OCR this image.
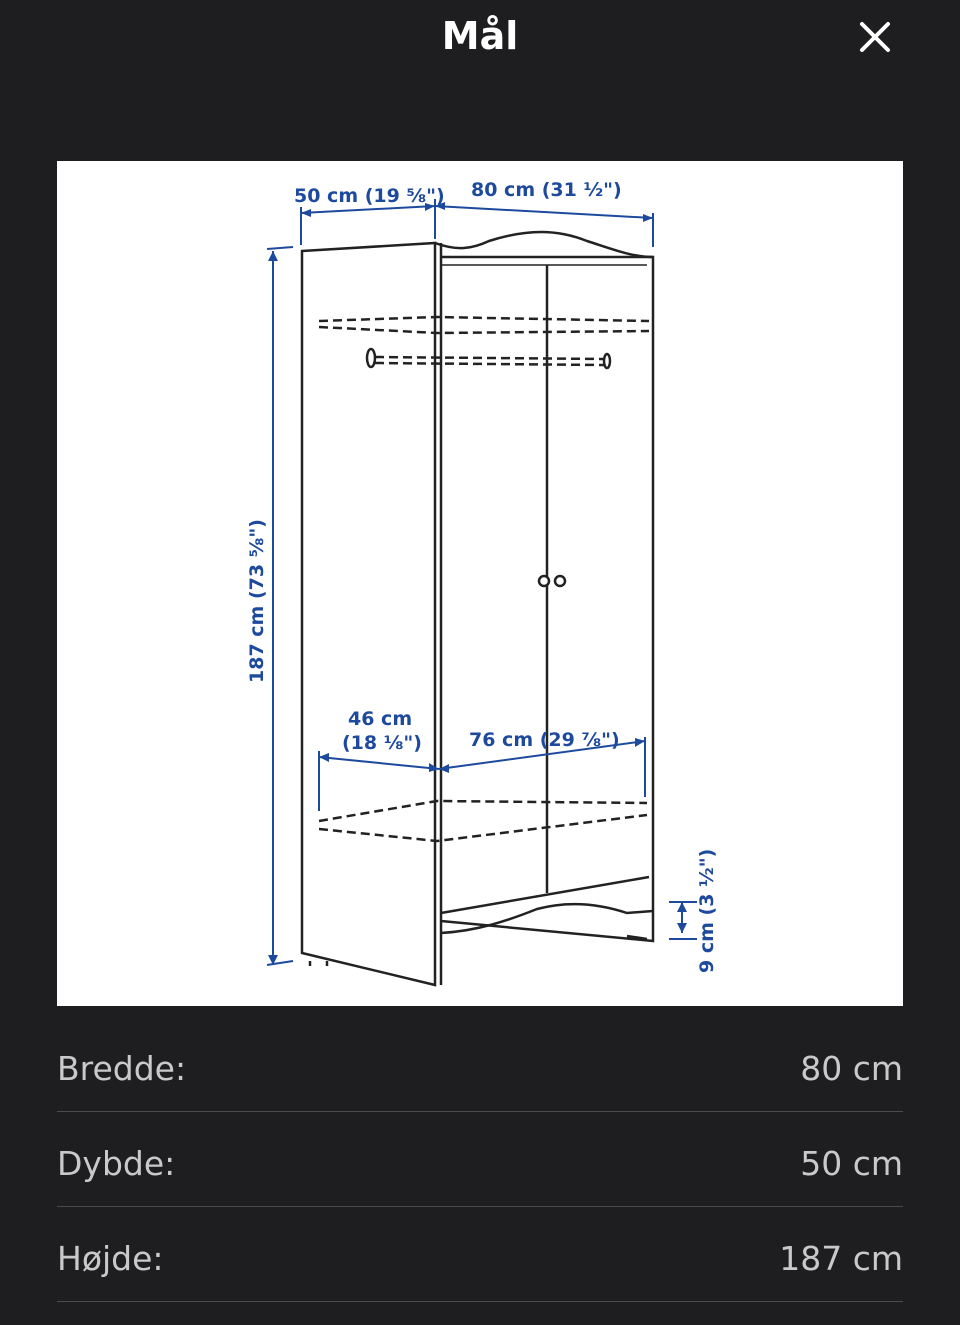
Mål
50 cm (19 ⅝") 80 cm (31 ½")
187 cm (73 ⅝")
46 cm
(18 ⅛") 76 cm (29 ⅞")
9 cm (3 ½")
Bredde:	80 cm
Dybde:	50 cm
Højde:	187 cm
